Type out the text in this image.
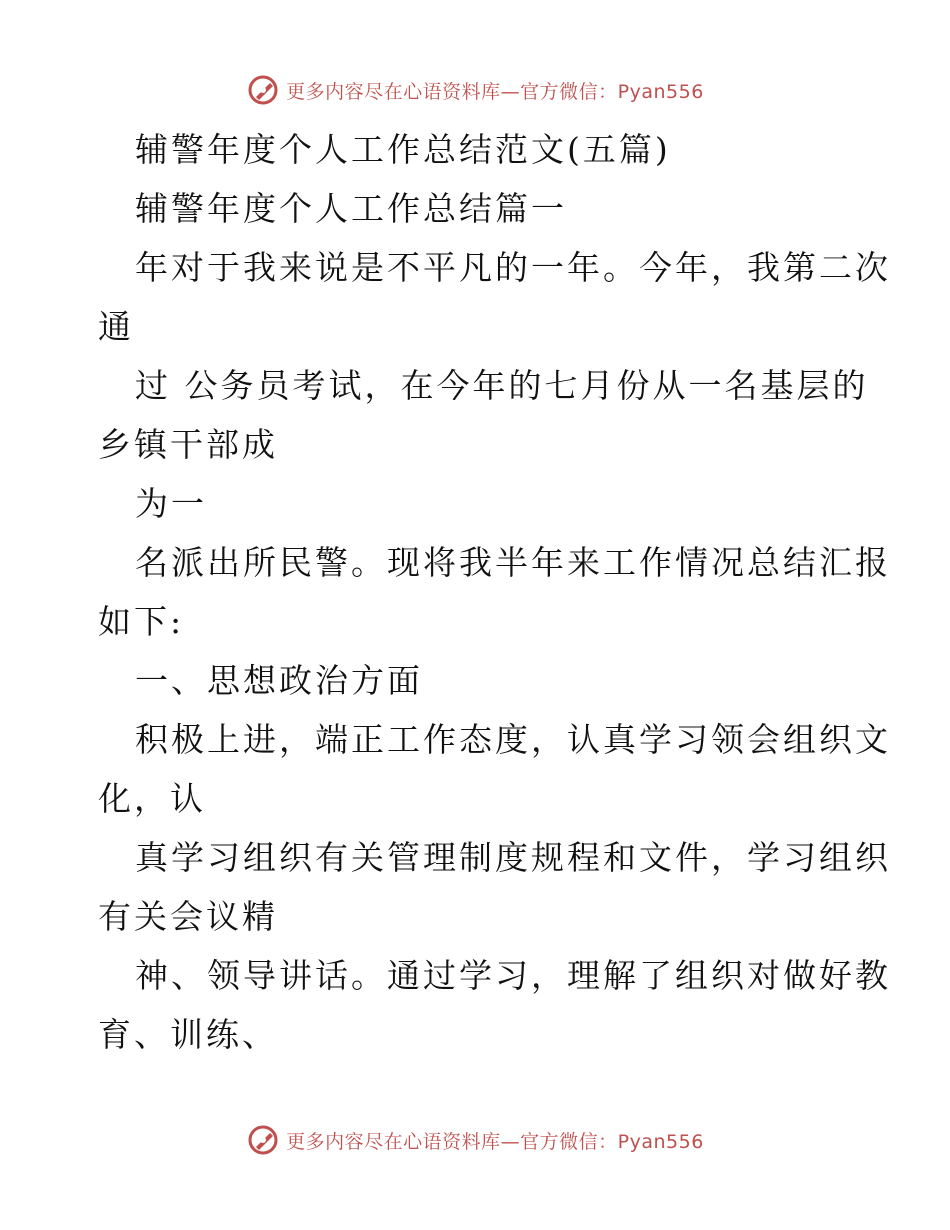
更多内容尽在心语资料库—官方微信：Pyan556
辅警年度个人工作总结范文(五篇)
辅警年度个人工作总结篇一
年对于我来说是不平凡的一年。今年，我第二次
通
过 公务员考试，在今年的七月份从一名基层的
乡镇干部成
为一
名派出所民警。现将我半年来工作情况总结汇报
如下:
一、思想政治方面
积极上进，端正工作态度，认真学习领会组织文
化，认
真学习组织有关管理制度规程和文件，学习组织
有关会议精
神、领导讲话。通过学习，理解了组织对做好教
育、训练、
更多内容尽在心语资料库—官方微信：Pyan556
